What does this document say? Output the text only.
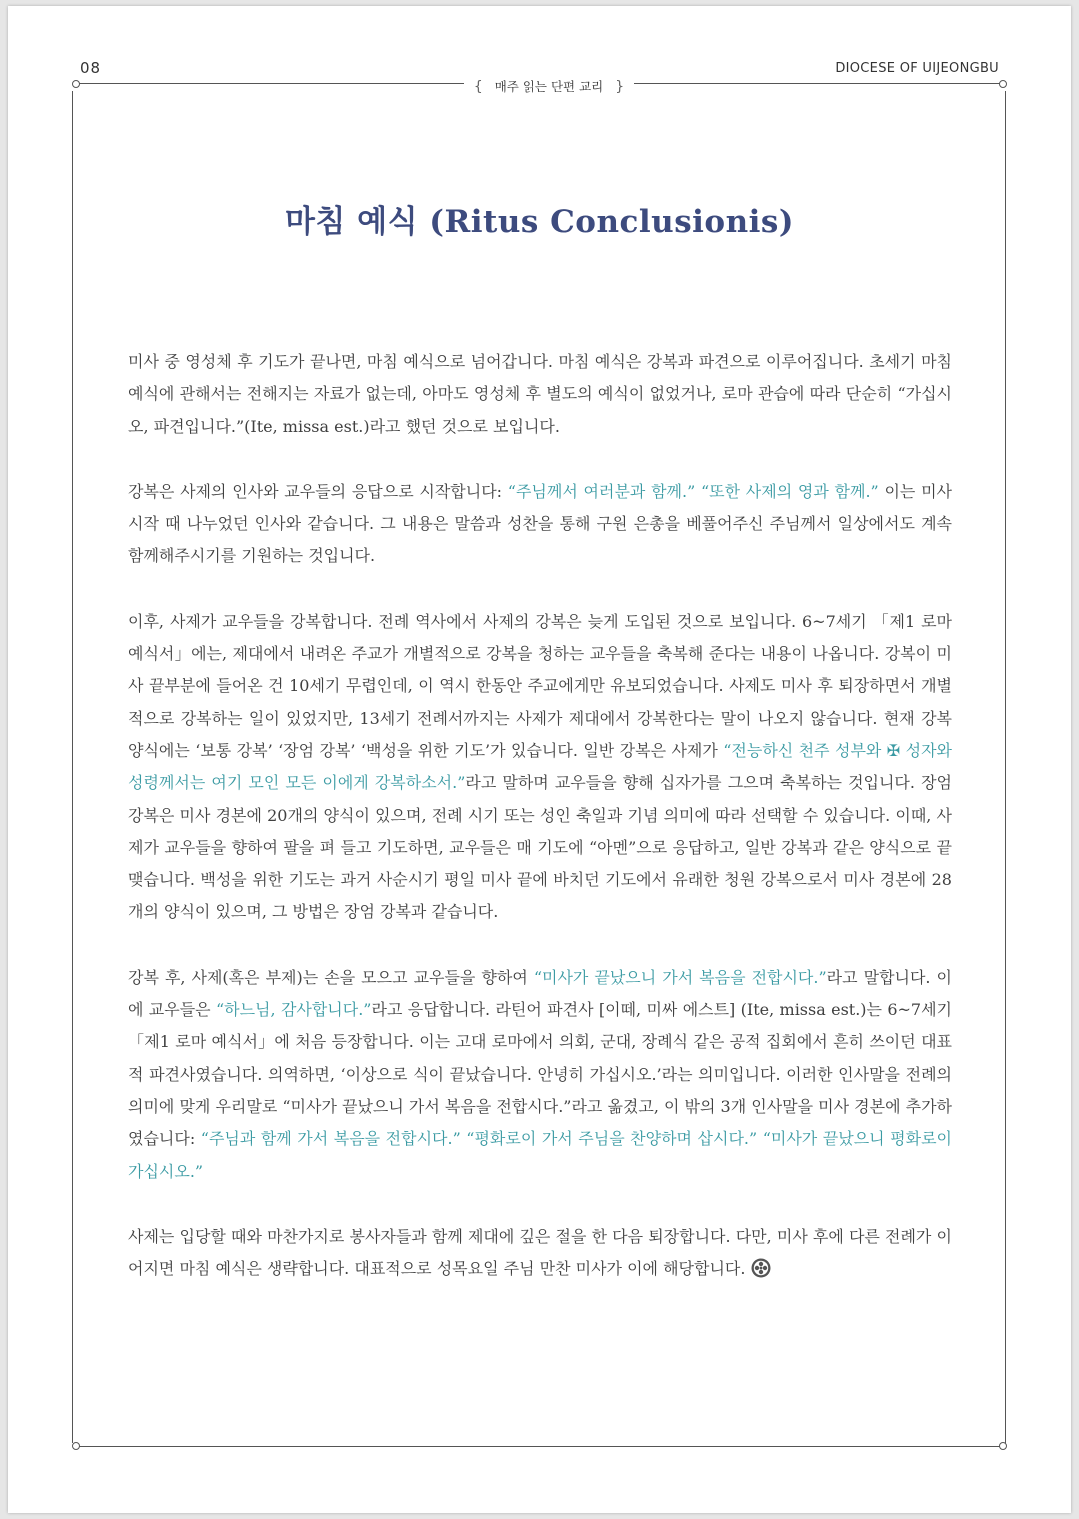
08	DIOCESE OF UIJEONGBU
{ 매주 읽는 단편 교리 }
마침 예식 (Ritus Conclusionis)

미사 중 영성체 후 기도가 끝나면, 마침 예식으로 넘어갑니다. 마침 예식은 강복과 파견으로 이루어집니다. 초세기 마침 예식에 관해서는 전해지는 자료가 없는데, 아마도 영성체 후 별도의 예식이 없었거나, 로마 관습에 따라 단순히 “가십시오, 파견입니다.”(Ite, missa est.)라고 했던 것으로 보입니다.

강복은 사제의 인사와 교우들의 응답으로 시작합니다: “주님께서 여러분과 함께.” “또한 사제의 영과 함께.” 이는 미사 시작 때 나누었던 인사와 같습니다. 그 내용은 말씀과 성찬을 통해 구원 은총을 베풀어주신 주님께서 일상에서도 계속 함께해주시기를 기원하는 것입니다.

이후, 사제가 교우들을 강복합니다. 전례 역사에서 사제의 강복은 늦게 도입된 것으로 보입니다. 6~7세기 「제1 로마 예식서」에는, 제대에서 내려온 주교가 개별적으로 강복을 청하는 교우들을 축복해 준다는 내용이 나옵니다. 강복이 미사 끝부분에 들어온 건 10세기 무렵인데, 이 역시 한동안 주교에게만 유보되었습니다. 사제도 미사 후 퇴장하면서 개별적으로 강복하는 일이 있었지만, 13세기 전례서까지는 사제가 제대에서 강복한다는 말이 나오지 않습니다. 현재 강복 양식에는 ‘보통 강복’ ‘장엄 강복’ ‘백성을 위한 기도’가 있습니다. 일반 강복은 사제가 “전능하신 천주 성부와 ✠ 성자와 성령께서는 여기 모인 모든 이에게 강복하소서.”라고 말하며 교우들을 향해 십자가를 그으며 축복하는 것입니다. 장엄 강복은 미사 경본에 20개의 양식이 있으며, 전례 시기 또는 성인 축일과 기념 의미에 따라 선택할 수 있습니다. 이때, 사제가 교우들을 향하여 팔을 펴 들고 기도하면, 교우들은 매 기도에 “아멘”으로 응답하고, 일반 강복과 같은 양식으로 끝맺습니다. 백성을 위한 기도는 과거 사순시기 평일 미사 끝에 바치던 기도에서 유래한 청원 강복으로서 미사 경본에 28개의 양식이 있으며, 그 방법은 장엄 강복과 같습니다.

강복 후, 사제(혹은 부제)는 손을 모으고 교우들을 향하여 “미사가 끝났으니 가서 복음을 전합시다.”라고 말합니다. 이에 교우들은 “하느님, 감사합니다.”라고 응답합니다. 라틴어 파견사 [이떼, 미싸 에스트] (Ite, missa est.)는 6~7세기 「제1 로마 예식서」에 처음 등장합니다. 이는 고대 로마에서 의회, 군대, 장례식 같은 공적 집회에서 흔히 쓰이던 대표적 파견사였습니다. 의역하면, ‘이상으로 식이 끝났습니다. 안녕히 가십시오.’라는 의미입니다. 이러한 인사말을 전례의 의미에 맞게 우리말로 “미사가 끝났으니 가서 복음을 전합시다.”라고 옮겼고, 이 밖의 3개 인사말을 미사 경본에 추가하였습니다: “주님과 함께 가서 복음을 전합시다.” “평화로이 가서 주님을 찬양하며 삽시다.” “미사가 끝났으니 평화로이 가십시오.”

사제는 입당할 때와 마찬가지로 봉사자들과 함께 제대에 깊은 절을 한 다음 퇴장합니다. 다만, 미사 후에 다른 전례가 이어지면 마침 예식은 생략합니다. 대표적으로 성목요일 주님 만찬 미사가 이에 해당합니다.
